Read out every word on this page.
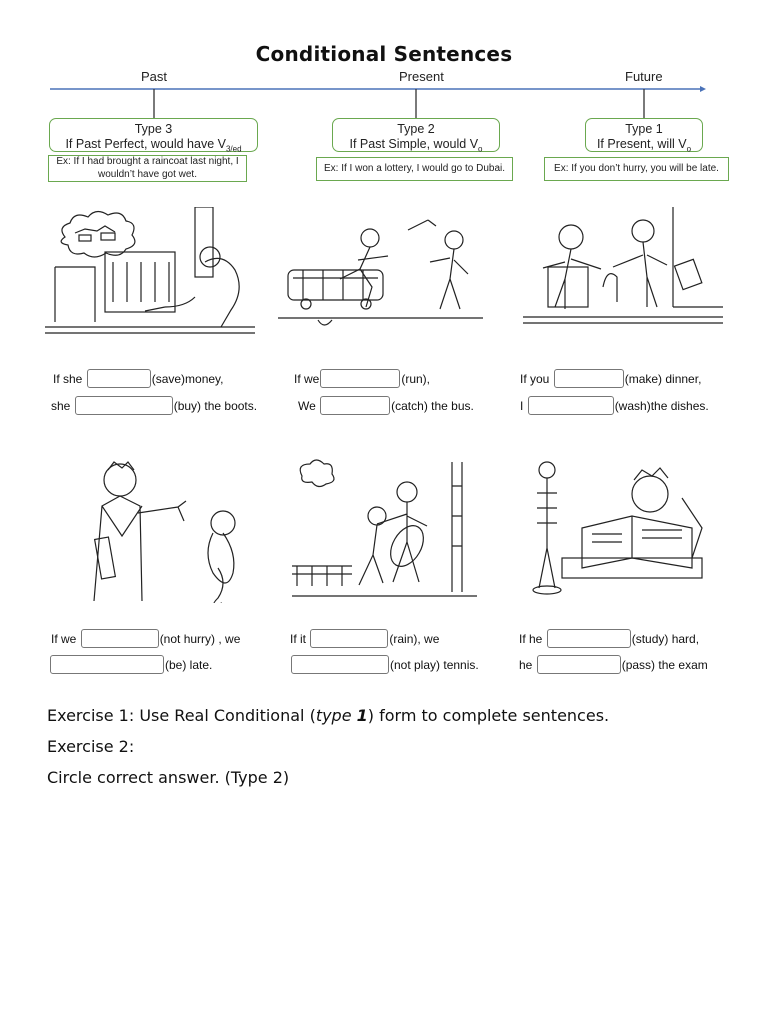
Conditional Sentences
Past	Present	Future
Type 3
If Past Perfect, would have $V_{3/ed}$
Type 2
If Past Simple, would $V_o$
Type 1
If Present, will $V_o$
Ex: If I had brought a raincoat last night, I wouldn’t have got wet.
Ex: If I won a lottery, I would go to Dubai.	Ex: If you don’t hurry, you will be late.
If she	(save)money,
she	(buy) the boots.
If we	(run),
We	(catch) the bus.
If you	(make) dinner,
I	(wash)the dishes.
If we	(not hurry) , we
(be) late.
If it	(rain), we
(not play) tennis.
If he	(study) hard,
he	(pass) the exam
Exercise 1: Use Real Conditional (type 1) form to complete sentences.
Exercise 2:
Circle correct answer. (Type 2)
